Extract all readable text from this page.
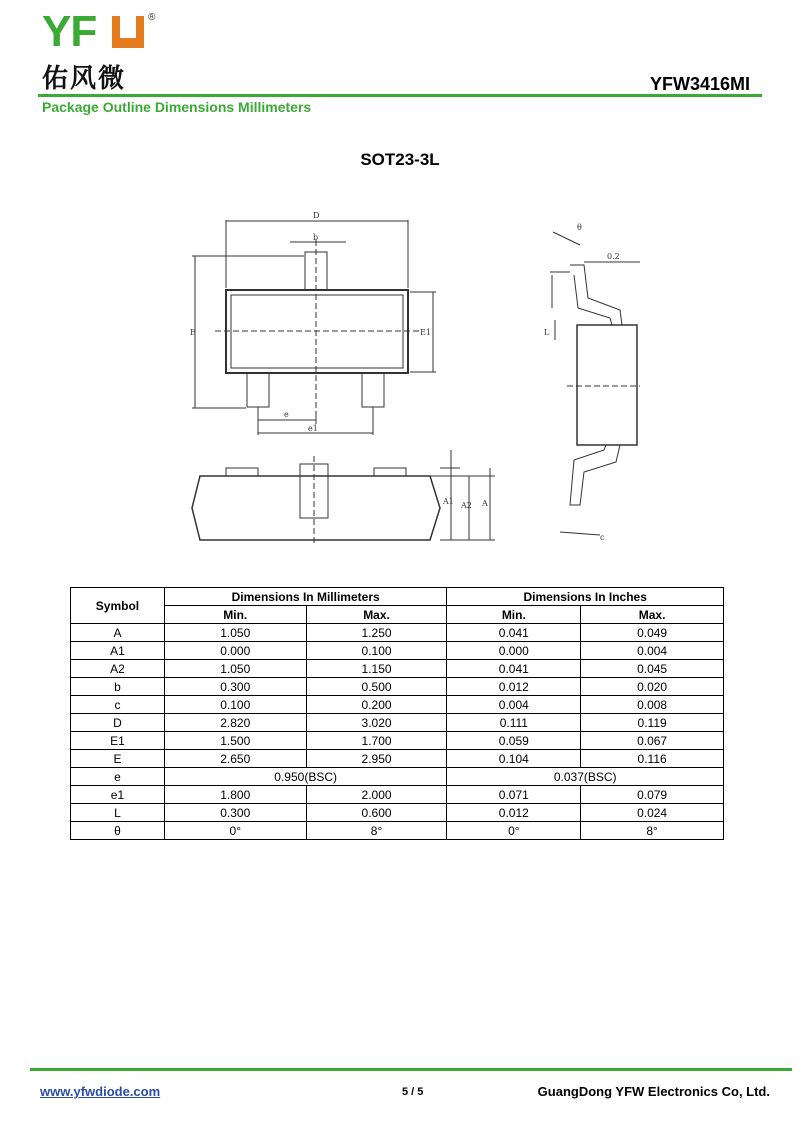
YF	®
佑风微	YFW3416MI
Package Outline Dimensions Millimeters
SOT23-3L
D
b
E	E1
e
e1
A1 A2 A
θ
0.2
L
c
Symbol	Dimensions In Millimeters		Dimensions In Inches	
	Min.	Max.	Min.	Max.
A	1.050	1.250	0.041	0.049
A1	0.000	0.100	0.000	0.004
A2	1.050	1.150	0.041	0.045
b	0.300	0.500	0.012	0.020
c	0.100	0.200	0.004	0.008
D	2.820	3.020	0.111	0.119
E1	1.500	1.700	0.059	0.067
E	2.650	2.950	0.104	0.116
e	0.950(BSC)		0.037(BSC)	
e1	1.800	2.000	0.071	0.079
L	0.300	0.600	0.012	0.024
θ	0°	8°	0°	8°
www.yfwdiode.com	5 / 5	GuangDong YFW Electronics Co, Ltd.
